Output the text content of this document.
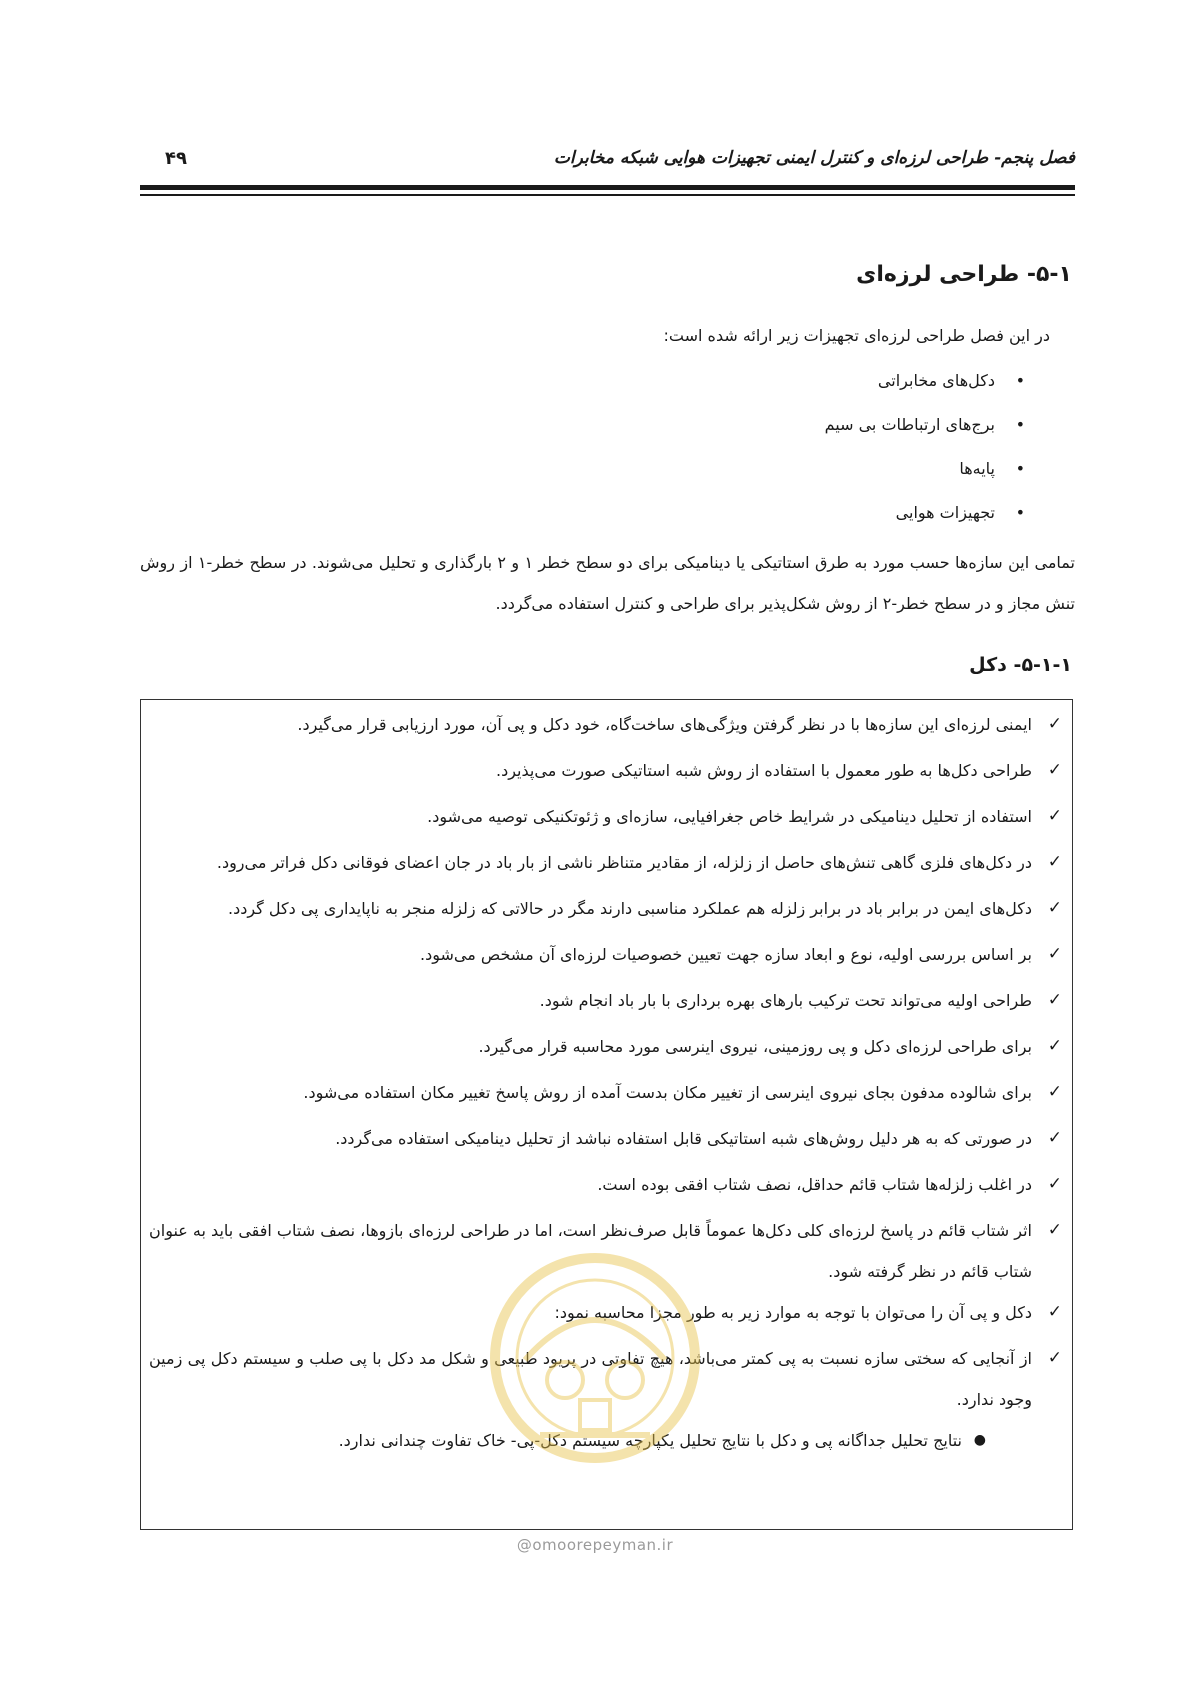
فصل پنجم- طراحی لرزه‌ای و کنترل ایمنی تجهیزات هوایی شبکه مخابرات
۴۹
۵-۱- طراحی لرزه‌ای
در این فصل طراحی لرزه‌ای تجهیزات زیر ارائه شده است:
• دکل‌های مخابراتی
• برج‌های ارتباطات بی سیم
• پایه‌ها
• تجهیزات هوایی
تمامی این سازه‌ها حسب مورد به طرق استاتیکی یا دینامیکی برای دو سطح خطر ۱ و ۲ بارگذاری و تحلیل می‌شوند. در سطح خطر-۱ از روش تنش مجاز و در سطح خطر-۲ از روش شکل‌پذیر برای طراحی و کنترل استفاده می‌گردد.
۵-۱-۱- دکل
✓
ایمنی لرزه‌ای این سازه‌ها با در نظر گرفتن ویژگی‌های ساخت‌گاه، خود دکل و پی آن، مورد ارزیابی قرار می‌گیرد.
✓
طراحی دکل‌ها به طور معمول با استفاده از روش شبه استاتیکی صورت می‌پذیرد.
✓
استفاده از تحلیل دینامیکی در شرایط خاص جغرافیایی، سازه‌ای و ژئوتکنیکی توصیه می‌شود.
✓
در دکل‌های فلزی گاهی تنش‌های حاصل از زلزله، از مقادیر متناظر ناشی از بار باد در جان اعضای فوقانی دکل فراتر می‌رود.
✓
دکل‌های ایمن در برابر باد در برابر زلزله هم عملکرد مناسبی دارند مگر در حالاتی که زلزله منجر به ناپایداری پی دکل گردد.
✓
بر اساس بررسی اولیه، نوع و ابعاد سازه جهت تعیین خصوصیات لرزه‌ای آن مشخص می‌شود.
✓
طراحی اولیه می‌تواند تحت ترکیب بارهای بهره برداری با بار باد انجام شود.
✓
برای طراحی لرزه‌ای دکل و پی روزمینی، نیروی اینرسی مورد محاسبه قرار می‌گیرد.
✓
برای شالوده مدفون بجای نیروی اینرسی از تغییر مکان بدست آمده از روش پاسخ تغییر مکان استفاده می‌شود.
✓
در صورتی که به هر دلیل روش‌های شبه استاتیکی قابل استفاده نباشد از تحلیل دینامیکی استفاده می‌گردد.
✓
در اغلب زلزله‌ها شتاب قائم حداقل، نصف شتاب افقی بوده است.
✓
اثر شتاب قائم در پاسخ لرزه‌ای کلی دکل‌ها عموماً قابل صرف‌نظر است، اما در طراحی لرزه‌ای بازوها، نصف شتاب افقی باید به عنوان شتاب قائم در نظر گرفته شود.
✓
دکل و پی آن را می‌توان با توجه به موارد زیر به طور مجزا محاسبه نمود:
✓
از آنجایی که سختی سازه نسبت به پی کمتر می‌باشد، هیچ تفاوتی در پریود طبیعی و شکل مد دکل با پی صلب و سیستم دکل پی زمین وجود ندارد.
●
نتایج تحلیل جداگانه پی و دکل با نتایج تحلیل یکپارچه سیستم دکل-پی- خاک تفاوت چندانی ندارد.
@omoorepeyman.ir
